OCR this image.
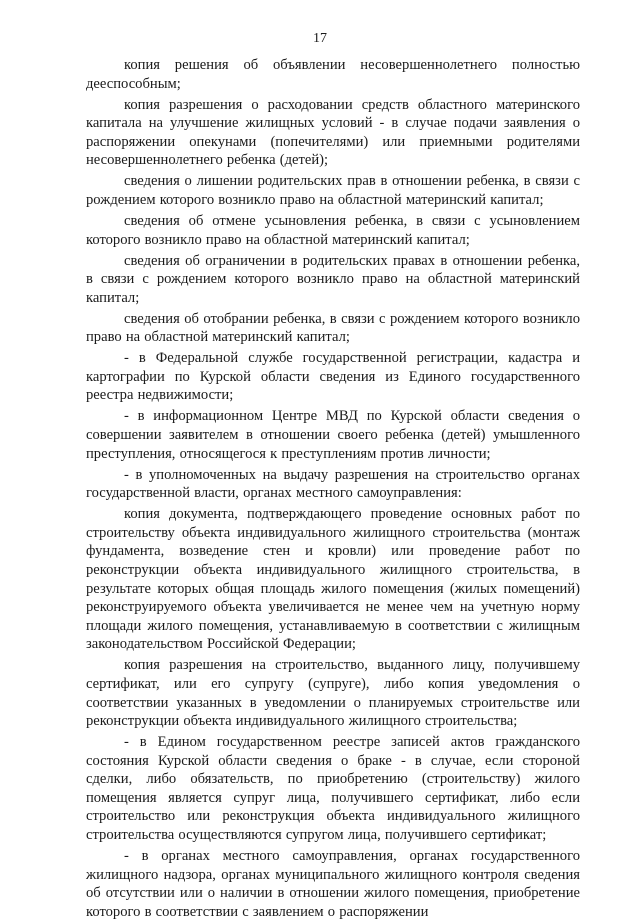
17

копия решения об объявлении несовершеннолетнего полностью дееспособным;

копия разрешения о расходовании средств областного материнского капитала на улучшение жилищных условий - в случае подачи заявления о распоряжении опекунами (попечителями) или приемными родителями несовершеннолетнего ребенка (детей);

сведения о лишении родительских прав в отношении ребенка, в связи с рождением которого возникло право на областной материнский капитал;

сведения об отмене усыновления ребенка, в связи с усыновлением которого возникло право на областной материнский капитал;

сведения об ограничении в родительских правах в отношении ребенка, в связи с рождением которого возникло право на областной материнский капитал;

сведения об отобрании ребенка, в связи с рождением которого возникло право на областной материнский капитал;

- в Федеральной службе государственной регистрации, кадастра и картографии по Курской области сведения из Единого государственного реестра недвижимости;

- в информационном Центре МВД по Курской области сведения о совершении заявителем в отношении своего ребенка (детей) умышленного преступления, относящегося к преступлениям против личности;

- в уполномоченных на выдачу разрешения на строительство органах государственной власти, органах местного самоуправления:

копия документа, подтверждающего проведение основных работ по строительству объекта индивидуального жилищного строительства (монтаж фундамента, возведение стен и кровли) или проведение работ по реконструкции объекта индивидуального жилищного строительства, в результате которых общая площадь жилого помещения (жилых помещений) реконструируемого объекта увеличивается не менее чем на учетную норму площади жилого помещения, устанавливаемую в соответствии с жилищным законодательством Российской Федерации;

копия разрешения на строительство, выданного лицу, получившему сертификат, или его супругу (супруге), либо копия уведомления о соответствии указанных в уведомлении о планируемых строительстве или реконструкции объекта индивидуального жилищного строительства;

- в Едином государственном реестре записей актов гражданского состояния Курской области сведения о браке - в случае, если стороной сделки, либо обязательств, по приобретению (строительству) жилого помещения является супруг лица, получившего сертификат, либо если строительство или реконструкция объекта индивидуального жилищного строительства осуществляются супругом лица, получившего сертификат;

- в органах местного самоуправления, органах государственного жилищного надзора, органах муниципального жилищного контроля сведения об отсутствии или о наличии в отношении жилого помещения, приобретение которого в соответствии с заявлением о распоряжении
